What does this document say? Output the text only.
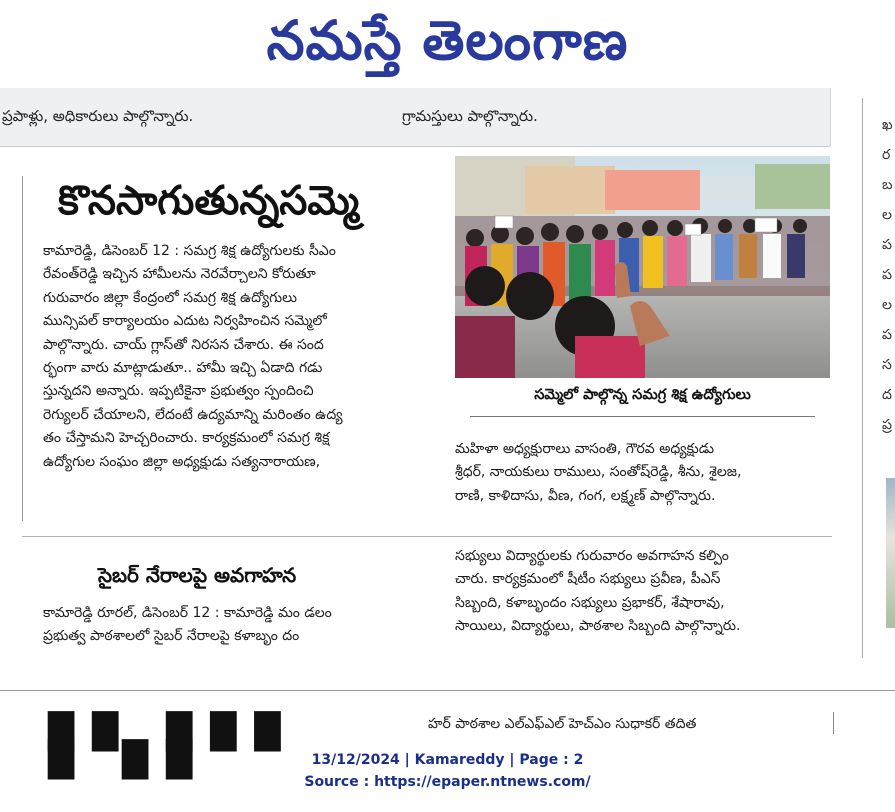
నమస్తే తెలంగాణ
ప్రపాళ్లు, అధికారులు పాల్గొన్నారు.	గ్రామస్తులు పాల్గొన్నారు.	ఖ
ర
బ
ల
ప
ప
ల
ప
స
ద
ప్ర
కొనసాగుతున్నసమ్మె
కామారెడ్డి, డిసెంబర్ 12 : సమగ్ర శిక్ష ఉద్యోగులకు సీఎం
రేవంత్‌రెడ్డి ఇచ్చిన హామీలను నెరవేర్చాలని కోరుతూ
గురువారం జిల్లా కేంద్రంలో సమగ్ర శిక్ష ఉద్యోగులు
మున్సిపల్ కార్యాలయం ఎదుట నిర్వహించిన సమ్మెలో
పాల్గొన్నారు. చాయ్ గ్లాస్‌తో నిరసన చేశారు. ఈ సంద
ర్భంగా వారు మాట్లాడుతూ.. హామీ ఇచ్చి ఏడాది గడు
స్తున్నదని అన్నారు. ఇప్పటికైనా ప్రభుత్వం స్పందించి
రెగ్యులర్ చేయాలని, లేదంటే ఉద్యమాన్ని మరింతం ఉద్య
తం చేస్తామని హెచ్చరించారు. కార్యక్రమంలో సమగ్ర శిక్ష
ఉద్యోగుల సంఘం జిల్లా అధ్యక్షుడు సత్యనారాయణ,
సమ్మెలో పాల్గొన్న సమగ్ర శిక్ష ఉద్యోగులు
మహిళా అధ్యక్షురాలు వాసంతి, గౌరవ అధ్యక్షుడు
శ్రీధర్, నాయకులు రాములు, సంతోష్‌రెడ్డి, శీను, శైలజ,
రాణి, కాళిదాసు, వీణ, గంగ, లక్ష్మణ్ పాల్గొన్నారు.
సైబర్ నేరాలపై అవగాహన
కామారెడ్డి రూరల్, డిసెంబర్ 12 : కామారెడ్డి మం డలం
ప్రభుత్వ పాఠశాలలో సైబర్ నేరాలపై కళాబృం దం
సభ్యులు విద్యార్థులకు గురువారం అవగాహన కల్పిం
చారు. కార్యక్రమంలో షీటీం సభ్యులు ప్రవీణ, పీఎస్
సిబ్బంది, కళాబృందం సభ్యులు ప్రభాకర్, శేషారావు,
సాయిలు, విద్యార్థులు, పాఠశాల సిబ్బంది పాల్గొన్నారు.
██ ███ █ ██
హర్ పాఠశాల ఎల్ఎఫ్ఎల్ హెచ్ఎం సుధాకర్ తదిత
13/12/2024 | Kamareddy | Page : 2
Source : https://epaper.ntnews.com/
